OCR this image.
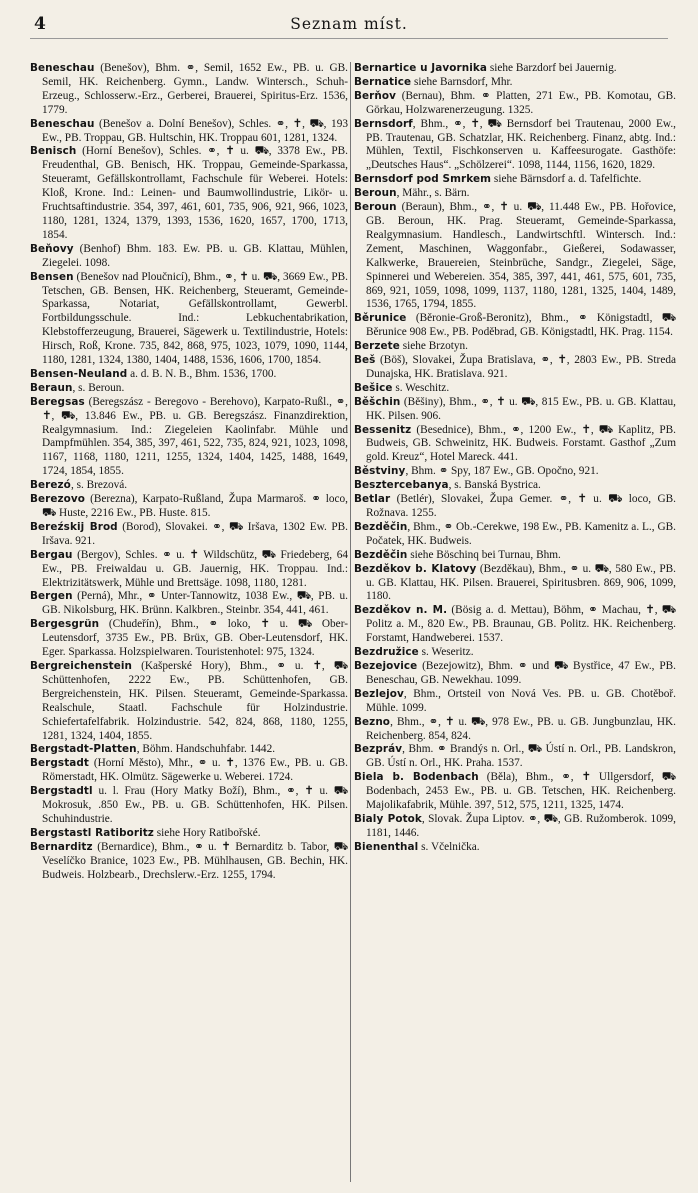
4	Seznam míst.

Beneschau (Benešov), Bhm. ⚭, Semil, 1652 Ew., PB. u. GB. Semil, HK. Reichenberg. Gymn., Landw. Wintersch., Schuh-Erzeug., Schlosserw.-Erz., Gerberei, Brauerei, Spiritus-Erz. 1536, 1779.

Beneschau (Benešov a. Dolní Benešov), Schles. ⚭, ✝, ⛟, 193 Ew., PB. Troppau, GB. Hultschin, HK. Troppau 601, 1281, 1324.

Benisch (Horní Benešov), Schles. ⚭, ✝ u. ⛟, 3378 Ew., PB. Freudenthal, GB. Benisch, HK. Troppau, Gemeinde-Sparkassa, Steueramt, Gefällskontrollamt, Fachschule für Weberei. Hotels: Kloß, Krone. Ind.: Leinen- und Baumwollindustrie, Likör- u. Fruchtsaftindustrie. 354, 397, 461, 601, 735, 906, 921, 966, 1023, 1180, 1281, 1324, 1379, 1393, 1536, 1620, 1657, 1700, 1713, 1854.

Beňovy (Benhof) Bhm. 183. Ew. PB. u. GB. Klattau, Mühlen, Ziegelei. 1098.

Bensen (Benešov nad Ploučnicí), Bhm., ⚭, ✝ u. ⛟, 3669 Ew., PB. Tetschen, GB. Bensen, HK. Reichenberg, Steueramt, Gemeinde-Sparkassa, Notariat, Gefällskontrollamt, Gewerbl. Fortbildungsschule. Ind.: Lebkuchentabrikation, Klebstofferzeugung, Brauerei, Sägewerk u. Textilindustrie, Hotels: Hirsch, Roß, Krone. 735, 842, 868, 975, 1023, 1079, 1090, 1144, 1180, 1281, 1324, 1380, 1404, 1488, 1536, 1606, 1700, 1854.

Bensen-Neuland a. d. B. N. B., Bhm. 1536, 1700.

Beraun, s. Beroun.

Beregsas (Beregszász - Beregovo - Berehovo), Karpato-Rußl., ⚭, ✝, ⛟, 13.846 Ew., PB. u. GB. Beregszász. Finanzdirektion, Realgymnasium. Ind.: Ziegeleien Kaolinfabr. Mühle und Dampfmühlen. 354, 385, 397, 461, 522, 735, 824, 921, 1023, 1098, 1167, 1168, 1180, 1211, 1255, 1324, 1404, 1425, 1488, 1649, 1724, 1854, 1855.

Berezó, s. Brezová.

Berezovo (Berezna), Karpato-Rußland, Župa Marmaroš. ⚭ loco, ⛟ Huste, 2216 Ew., PB. Huste. 815.

Bereźskij Brod (Borod), Slovakei. ⚭, ⛟ Iršava, 1302 Ew. PB. Iršava. 921.

Bergau (Bergov), Schles. ⚭ u. ✝ Wildschütz, ⛟ Friedeberg, 64 Ew., PB. Freiwaldau u. GB. Jauernig, HK. Troppau. Ind.: Elektrizitätswerk, Mühle und Brettsäge. 1098, 1180, 1281.

Bergen (Perná), Mhr., ⚭ Unter-Tannowitz, 1038 Ew., ⛟, PB. u. GB. Nikolsburg, HK. Brünn. Kalkbren., Steinbr. 354, 441, 461.

Bergesgrün (Chudeřín), Bhm., ⚭ loko, ✝ u. ⛟ Ober-Leutensdorf, 3735 Ew., PB. Brüx, GB. Ober-Leutensdorf, HK. Eger. Sparkassa. Holzspielwaren. Touristenhotel: 975, 1324.

Bergreichenstein (Kašperské Hory), Bhm., ⚭ u. ✝, ⛟ Schüttenhofen, 2222 Ew., PB. Schüttenhofen, GB. Bergreichenstein, HK. Pilsen. Steueramt, Gemeinde-Sparkassa. Realschule, Staatl. Fachschule für Holzindustrie. Schiefertafelfabrik. Holzindustrie. 542, 824, 868, 1180, 1255, 1281, 1324, 1404, 1855.

Bergstadt-Platten, Böhm. Handschuhfabr. 1442.

Bergstadt (Horní Město), Mhr., ⚭ u. ✝, 1376 Ew., PB. u. GB. Römerstadt, HK. Olmütz. Sägewerke u. Weberei. 1724.

Bergstadtl u. l. Frau (Hory Matky Boží), Bhm., ⚭, ✝ u. ⛟ Mokrosuk, .850 Ew., PB. u. GB. Schüttenhofen, HK. Pilsen. Schuhindustrie.

Bergstastl Ratiboritz siehe Hory Ratibořské.

Bernarditz (Bernardice), Bhm., ⚭ u. ✝ Bernarditz b. Tabor, ⛟ Veselíčko Branice, 1023 Ew., PB. Mühlhausen, GB. Bechin, HK. Budweis. Holzbearb., Drechslerw.-Erz. 1255, 1794.

Bernartice u Javornika siehe Barzdorf bei Jauernig.

Bernatice siehe Barnsdorf, Mhr.

Berňov (Bernau), Bhm. ⚭ Platten, 271 Ew., PB. Komotau, GB. Görkau, Holzwarenerzeugung. 1325.

Bernsdorf, Bhm., ⚭, ✝, ⛟ Bernsdorf bei Trautenau, 2000 Ew., PB. Trautenau, GB. Schatzlar, HK. Reichenberg. Finanz, abtg. Ind.: Mühlen, Textil, Fischkonserven u. Kaffeesurogate. Gasthöfe: „Deutsches Haus“. „Schölzerei“. 1098, 1144, 1156, 1620, 1829.

Bernsdorf pod Smrkem siehe Bärnsdorf a. d. Tafelfichte.

Beroun, Mähr., s. Bärn.

Beroun (Beraun), Bhm., ⚭, ✝ u. ⛟, 11.448 Ew., PB. Hořovice, GB. Beroun, HK. Prag. Steueramt, Gemeinde-Sparkassa, Realgymnasium. Handlesch., Landwirtschftl. Wintersch. Ind.: Zement, Maschinen, Waggonfabr., Gießerei, Sodawasser, Kalkwerke, Brauereien, Steinbrüche, Sandgr., Ziegelei, Säge, Spinnerei und Webereien. 354, 385, 397, 441, 461, 575, 601, 735, 869, 921, 1059, 1098, 1099, 1137, 1180, 1281, 1325, 1404, 1489, 1536, 1765, 1794, 1855.

Běrunice (Běronie-Groß-Beronitz), Bhm., ⚭ Königstadtl, ⛟ Běrunice 908 Ew., PB. Poděbrad, GB. Königstadtl, HK. Prag. 1154.

Berzete siehe Brzotyn.

Beš (Böš), Slovakei, Župa Bratislava, ⚭, ✝, 2803 Ew., PB. Streda Dunajska, HK. Bratislava. 921.

Bešice s. Weschitz.

Běšchin (Běšiny), Bhm., ⚭, ✝ u. ⛟, 815 Ew., PB. u. GB. Klattau, HK. Pilsen. 906.

Bessenitz (Besednice), Bhm., ⚭, 1200 Ew., ✝, ⛟ Kaplitz, PB. Budweis, GB. Schweinitz, HK. Budweis. Forstamt. Gasthof „Zum gold. Kreuz“, Hotel Mareck. 441.

Běstviny, Bhm. ⚭ Spy, 187 Ew., GB. Opočno, 921.

Besztercebanya, s. Banská Bystrica.

Betlar (Betlér), Slovakei, Župa Gemer. ⚭, ✝ u. ⛟ loco, GB. Rožnava. 1255.

Bezděčin, Bhm., ⚭ Ob.-Cerekwe, 198 Ew., PB. Kamenitz a. L., GB. Počatek, HK. Budweis.

Bezděčin siehe Böschinq bei Turnau, Bhm.

Bezděkov b. Klatovy (Bezděkau), Bhm., ⚭ u. ⛟, 580 Ew., PB. u. GB. Klattau, HK. Pilsen. Brauerei, Spiritusbren. 869, 906, 1099, 1180.

Bezděkov n. M. (Bösig a. d. Mettau), Böhm, ⚭ Machau, ✝, ⛟ Politz a. M., 820 Ew., PB. Braunau, GB. Politz. HK. Reichenberg. Forstamt, Handweberei. 1537.

Bezdružice s. Weseritz.

Bezejovice (Bezejowitz), Bhm. ⚭ und ⛟ Bystřice, 47 Ew., PB. Beneschau, GB. Newekhau. 1099.

Bezlejov, Bhm., Ortsteil von Nová Ves. PB. u. GB. Chotěboř. Mühle. 1099.

Bezno, Bhm., ⚭, ✝ u. ⛟, 978 Ew., PB. u. GB. Jungbunzlau, HK. Reichenberg. 854, 824.

Bezpráv, Bhm. ⚭ Brandýs n. Orl., ⛟ Ústí n. Orl., PB. Landskron, GB. Ústí n. Orl., HK. Praha. 1537.

Biela b. Bodenbach (Běla), Bhm., ⚭, ✝ Ullgersdorf, ⛟ Bodenbach, 2453 Ew., PB. u. GB. Tetschen, HK. Reichenberg. Majolikafabrik, Mühle. 397, 512, 575, 1211, 1325, 1474.

Bialy Potok, Slovak. Župa Liptov. ⚭, ⛟, GB. Ružomberok. 1099, 1181, 1446.

Bienenthal s. Včelnička.
